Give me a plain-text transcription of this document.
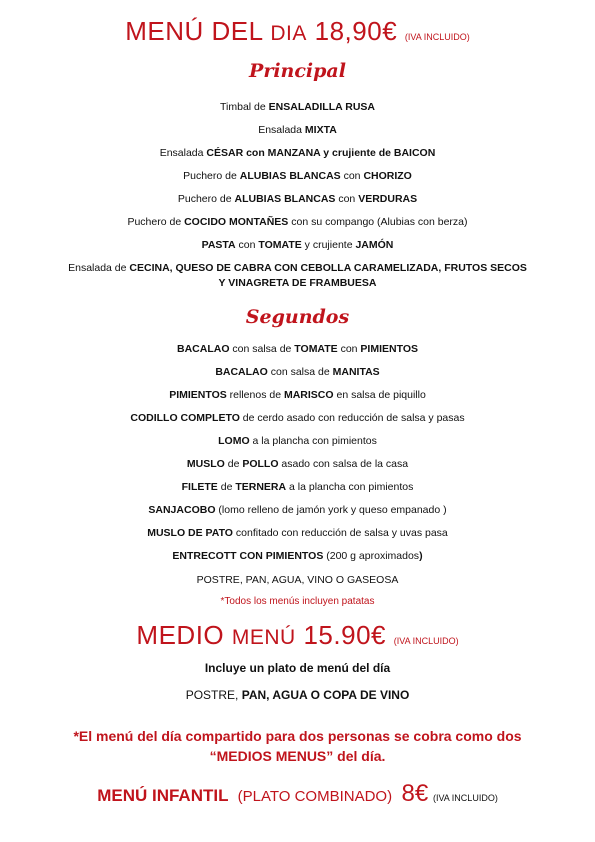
MENÚ DEL DIA 18,90€ (IVA INCLUIDO)
Principal
Timbal de ENSALADILLA RUSA
Ensalada MIXTA
Ensalada CÉSAR con MANZANA y crujiente de BAICON
Puchero de ALUBIAS BLANCAS con CHORIZO
Puchero de ALUBIAS BLANCAS con VERDURAS
Puchero de COCIDO MONTAÑES con su compango (Alubias con berza)
PASTA con TOMATE y crujiente JAMÓN
Ensalada de CECINA, QUESO DE CABRA CON CEBOLLA CARAMELIZADA, FRUTOS SECOS
Y VINAGRETA DE FRAMBUESA
Segundos
BACALAO con salsa de TOMATE con PIMIENTOS
BACALAO con salsa de MANITAS
PIMIENTOS rellenos de MARISCO en salsa de piquillo
CODILLO COMPLETO de cerdo asado con reducción de salsa y pasas
LOMO a la plancha con pimientos
MUSLO de POLLO asado con salsa de la casa
FILETE de TERNERA a la plancha con pimientos
SANJACOBO (lomo relleno de jamón york y queso empanado )
MUSLO DE PATO confitado con reducción de salsa y uvas pasa
ENTRECOTT CON PIMIENTOS (200 g aproximados)
POSTRE, PAN, AGUA, VINO O GASEOSA
*Todos los menús incluyen patatas
MEDIO MENÚ 15.90€ (IVA INCLUIDO)
Incluye un plato de menú del día
POSTRE, PAN, AGUA O COPA DE VINO
*El menú del día compartido para dos personas se cobra como dos “MEDIOS MENUS” del día.
MENÚ INFANTIL (PLATO COMBINADO) 8€ (IVA INCLUIDO)
